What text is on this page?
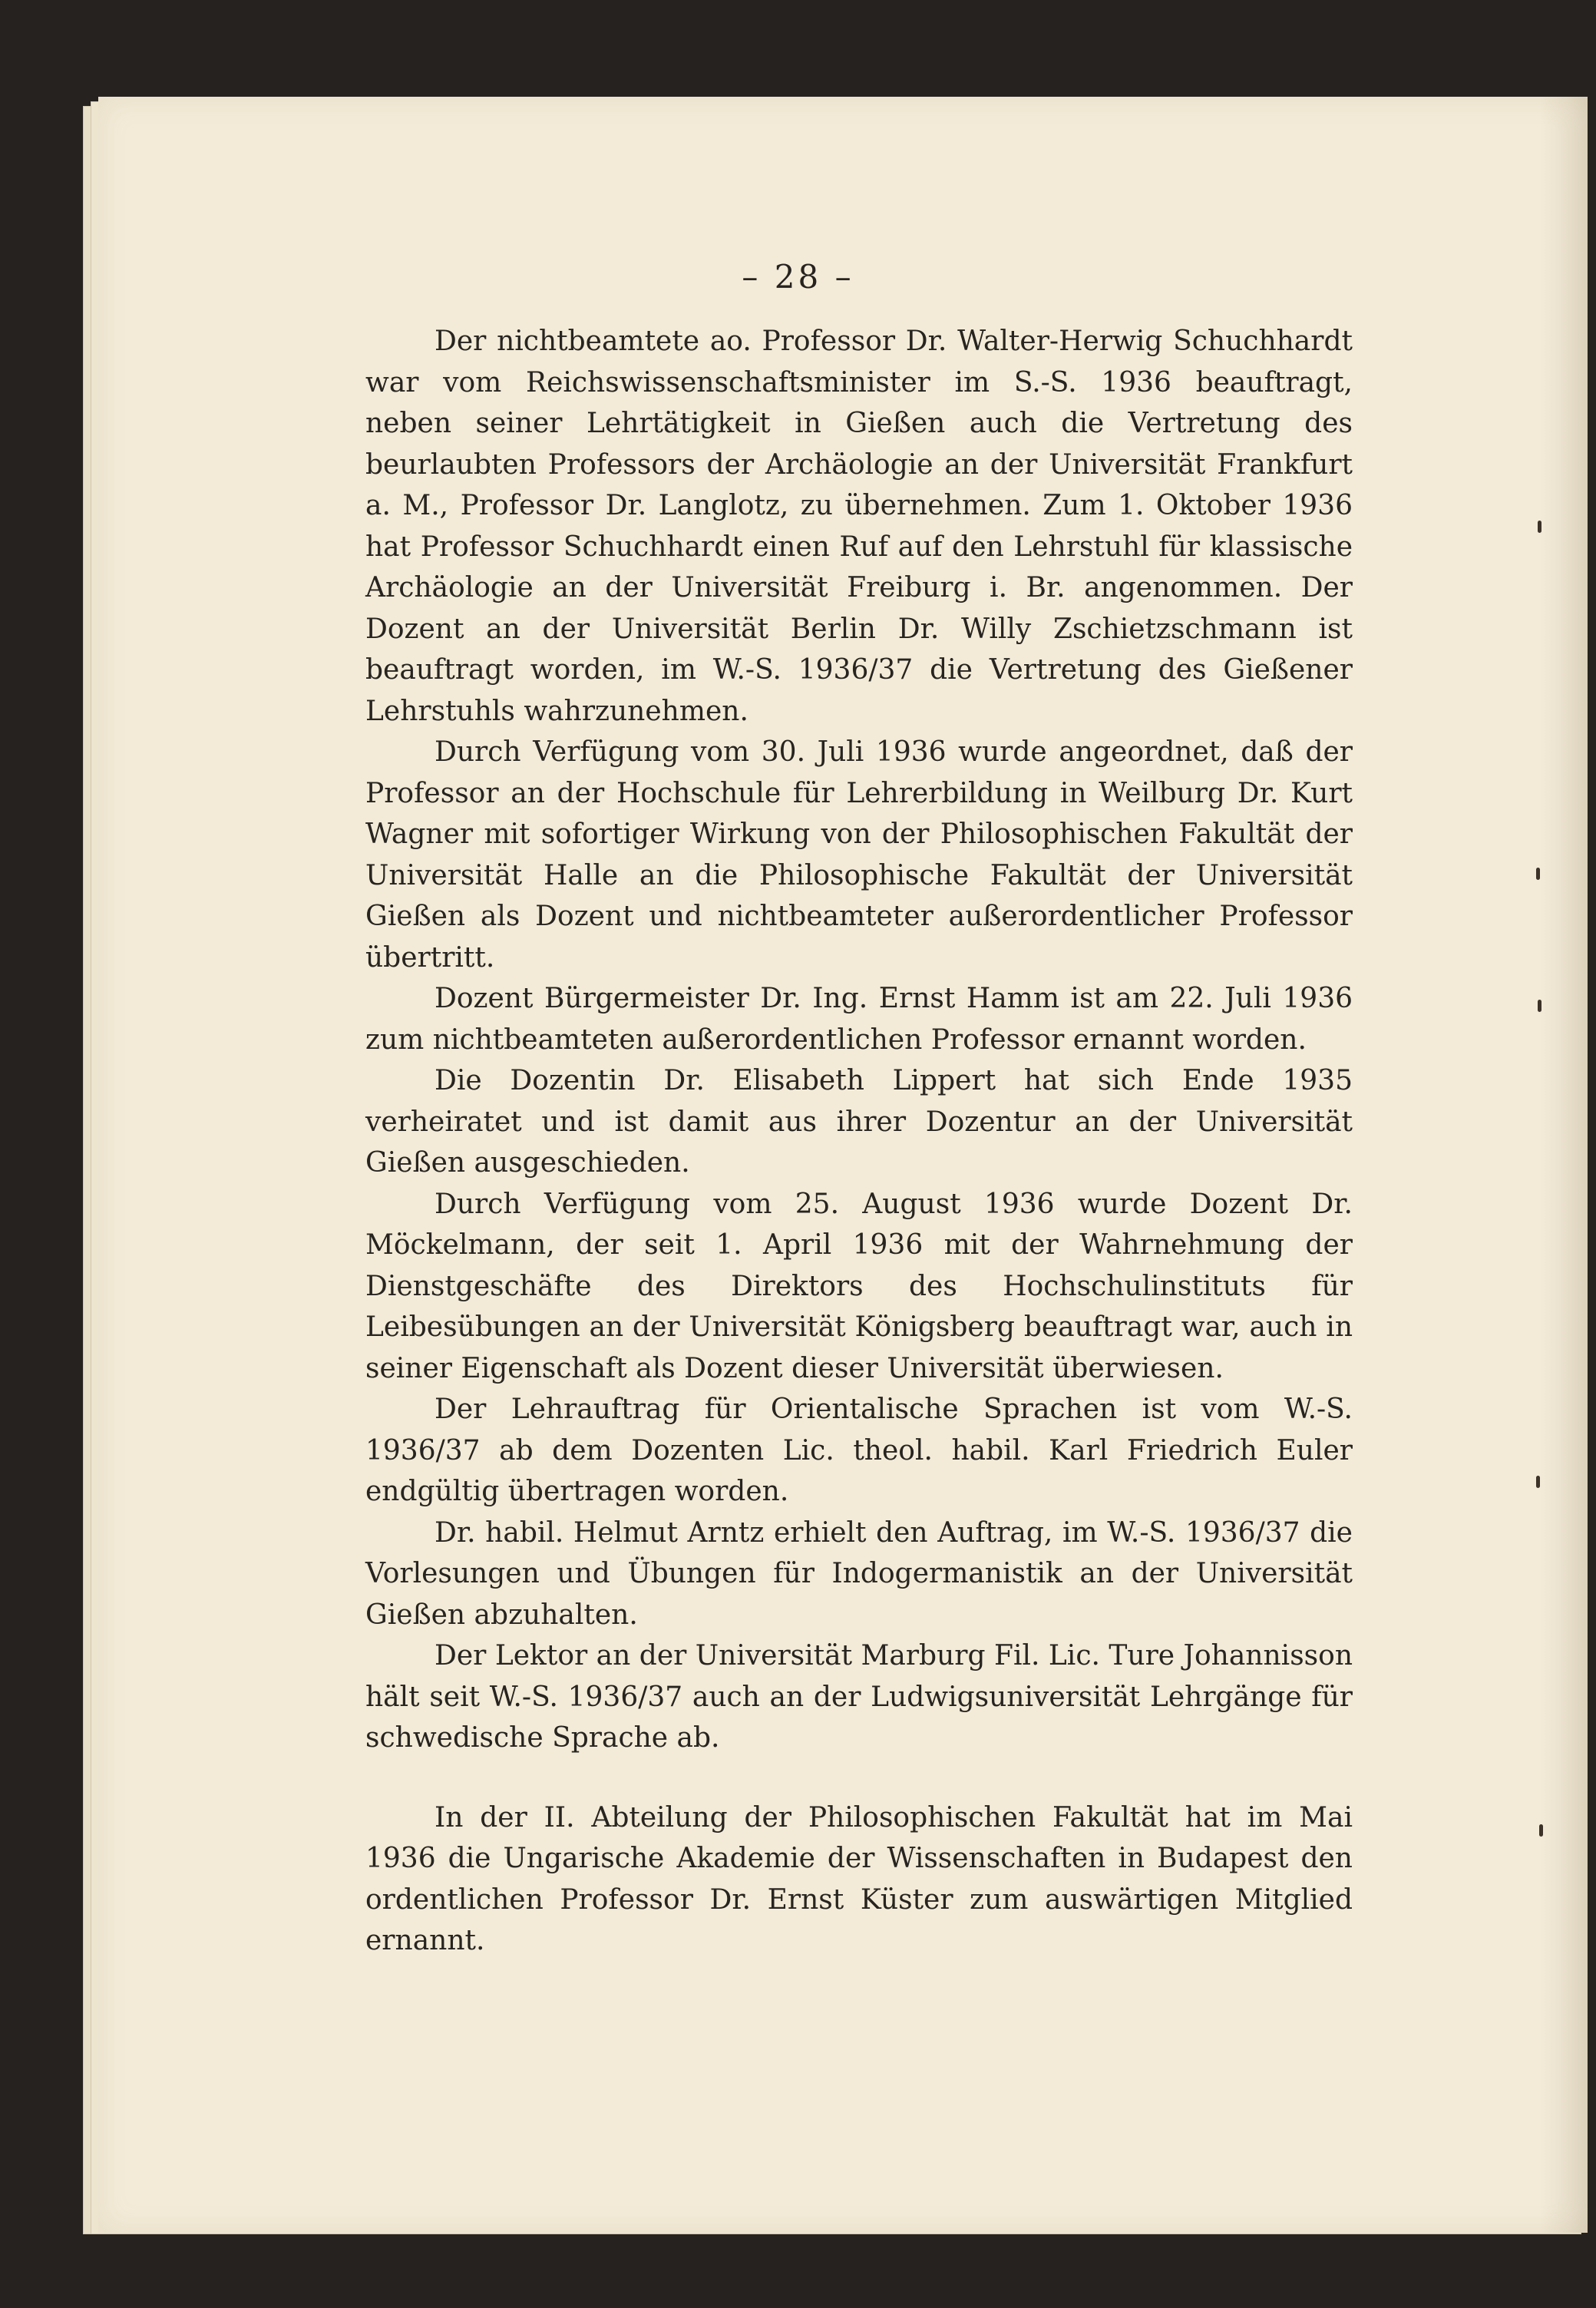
– 28 –

Der nichtbeamtete ao. Professor Dr. Walter-Herwig Schuchhardt war vom Reichswissenschaftsminister im S.-S. 1936 beauftragt, neben seiner Lehrtätigkeit in Gießen auch die Vertretung des beurlaubten Professors der Archäologie an der Universität Frankfurt a. M., Professor Dr. Langlotz, zu übernehmen. Zum 1. Oktober 1936 hat Professor Schuchhardt einen Ruf auf den Lehrstuhl für klassische Archäologie an der Universität Freiburg i. Br. angenommen. Der Dozent an der Universität Berlin Dr. Willy Zschietzschmann ist beauftragt worden, im W.-S. 1936/37 die Vertretung des Gießener Lehrstuhls wahrzunehmen.

Durch Verfügung vom 30. Juli 1936 wurde angeordnet, daß der Professor an der Hochschule für Lehrerbildung in Weilburg Dr. Kurt Wagner mit sofortiger Wirkung von der Philosophischen Fakultät der Universität Halle an die Philosophische Fakultät der Universität Gießen als Dozent und nichtbeamteter außerordentlicher Professor übertritt.

Dozent Bürgermeister Dr. Ing. Ernst Hamm ist am 22. Juli 1936 zum nichtbeamteten außerordentlichen Professor ernannt worden.

Die Dozentin Dr. Elisabeth Lippert hat sich Ende 1935 verheiratet und ist damit aus ihrer Dozentur an der Universität Gießen ausgeschieden.

Durch Verfügung vom 25. August 1936 wurde Dozent Dr. Möckelmann, der seit 1. April 1936 mit der Wahrnehmung der Dienstgeschäfte des Direktors des Hochschulinstituts für Leibesübungen an der Universität Königsberg beauftragt war, auch in seiner Eigenschaft als Dozent dieser Universität überwiesen.

Der Lehrauftrag für Orientalische Sprachen ist vom W.-S. 1936/37 ab dem Dozenten Lic. theol. habil. Karl Friedrich Euler endgültig übertragen worden.

Dr. habil. Helmut Arntz erhielt den Auftrag, im W.-S. 1936/37 die Vorlesungen und Übungen für Indogermanistik an der Universität Gießen abzuhalten.

Der Lektor an der Universität Marburg Fil. Lic. Ture Johannisson hält seit W.-S. 1936/37 auch an der Ludwigsuniversität Lehrgänge für schwedische Sprache ab.

In der II. Abteilung der Philosophischen Fakultät hat im Mai 1936 die Ungarische Akademie der Wissenschaften in Budapest den ordentlichen Professor Dr. Ernst Küster zum auswärtigen Mitglied ernannt.
